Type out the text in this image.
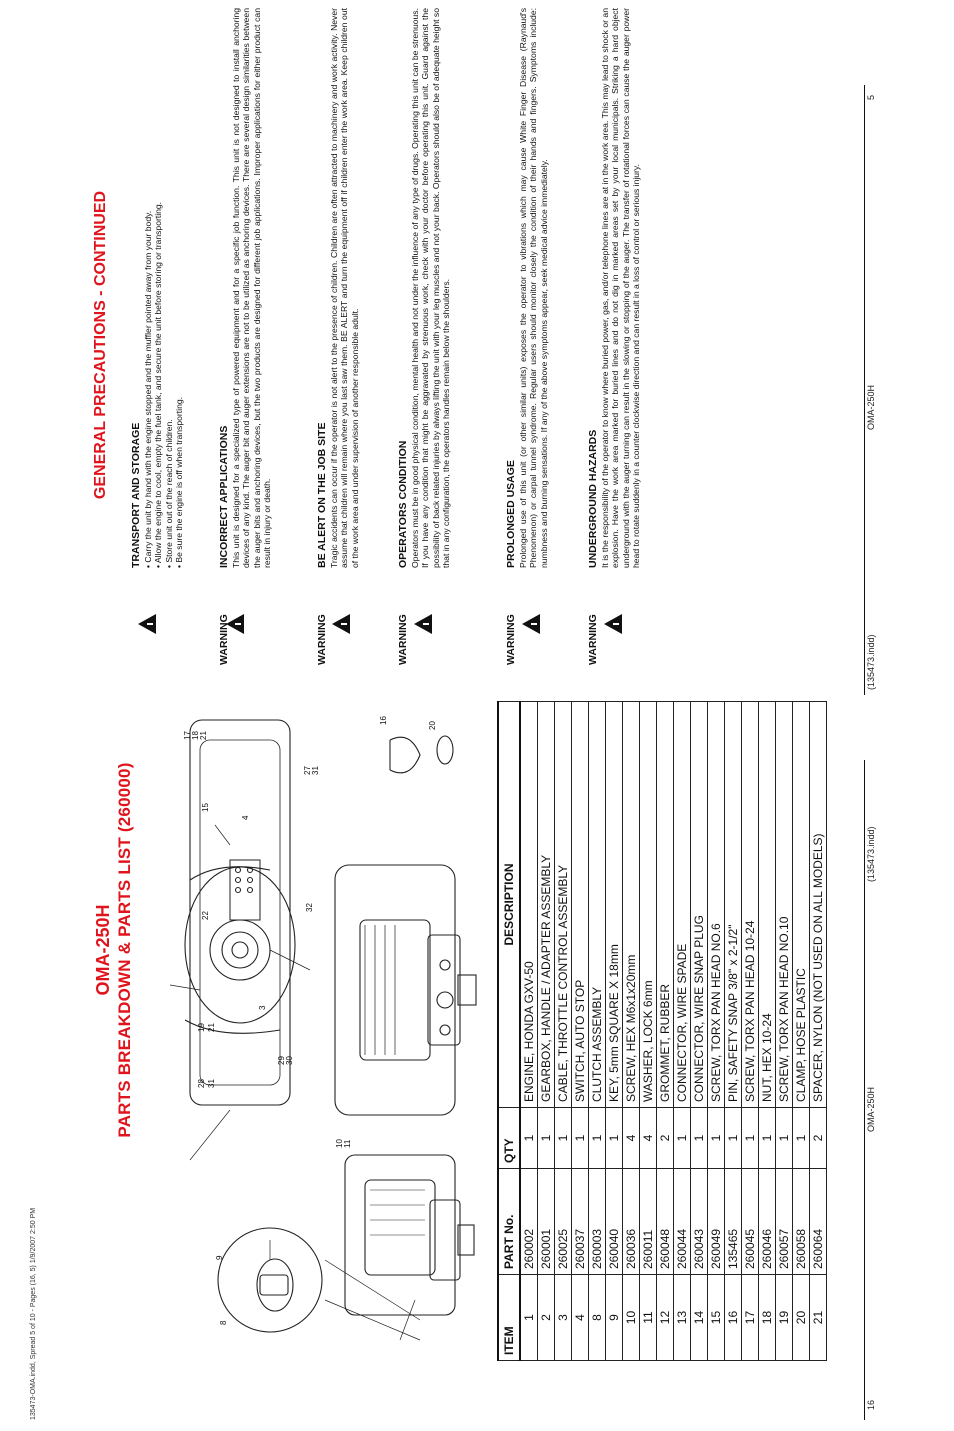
135473-OMA.indd, Spread 5 of 10 - Pages (16, 5) 1/9/2007 2:50 PM
OMA-250H PARTS BREAKDOWN & PARTS LIST (260000)	15
22
19 21
28 31
4
3
17 18 21
27 31
32
29 30
16
20
10 11
9
8
ITEM	PART No.	QTY	DESCRIPTION
1	260002	1	ENGINE, HONDA GXV-50
2	260001	1	GEARBOX, HANDLE / ADAPTER ASSEMBLY
3	260025	1	CABLE, THROTTLE CONTROL ASSEMBLY
4	260037	1	SWITCH, AUTO STOP
8	260003	1	CLUTCH ASSEMBLY
9	260040	1	KEY, 5mm SQUARE X 18mm
10	260036	4	SCREW, HEX M6x1x20mm
11	260011	4	WASHER, LOCK 6mm
12	260048	2	GROMMET, RUBBER
13	260044	1	CONNECTOR, WIRE SPADE
14	260043	1	CONNECTOR, WIRE SNAP PLUG
15	260049	1	SCREW, TORX PAN HEAD NO.6
16	135465	1	PIN, SAFETY SNAP 3/8" x 2-1/2"
17	260045	1	SCREW, TORX PAN HEAD 10-24
18	260046	1	NUT, HEX 10-24
19	260057	1	SCREW, TORX PAN HEAD NO.10
20	260058	1	CLAMP, HOSE PLASTIC
21	260064	2	SPACER, NYLON (NOT USED ON ALL MODELS)
16
OMA-250H
(135473.indd)
GENERAL PRECAUTIONS - CONTINUED
WARNING	WARNING	WARNING	WARNING	WARNING
TRANSPORT AND STORAGE • Carry the unit by hand with the engine stopped and the muffler pointed away from your body. • Allow the engine to cool, empty the fuel tank, and secure the unit before storing or transporting. • Store unit out of the reach of children. • Be sure the engine is off when transporting.	INCORRECT APPLICATIONS This unit is designed for a specialized type of powered equipment and for a specific job function. This unit is not designed to install anchoring devices of any kind. The auger bit and auger extensions are not to be utilized as anchoring devices. There are several design similarities between the auger bits and anchoring devices, but the two products are designed for different job applications. Improper applications for either product can result in injury or death.	BE ALERT ON THE JOB SITE Tragic accidents can occur if the operator is not alert to the presence of children. Children are often attracted to machinery and work activity. Never assume that children will remain where you last saw them. BE ALERT and turn the equipment off if children enter the work area. Keep children out of the work area and under supervision of another responsible adult.	OPERATORS CONDITION Operators must be in good physical condition, mental health and not under the influence of any type of drugs. Operating this unit can be strenuous. If you have any condition that might be aggravated by strenuous work, check with your doctor before operating this unit. Guard against the possibility of back related injuries by always lifting the unit with your leg muscles and not your back. Operators should also be of adequate height so that in any configuration, the operators handles remain below the shoulders.	PROLONGED USAGE Prolonged use of this unit (or other similar units) exposes the operator to vibrations which may cause White Finger Disease (Raynaud's Phenomenon) or carpal tunnel syndrome. Regular users should monitor closely the condition of their hands and fingers. Symptoms include: numbness and burning sensations. If any of the above symptoms appear, seek medical advice immediately.	UNDERGROUND HAZARDS It is the responsibility of the operator to know where buried power, gas, and/or telephone lines are at in the work area. This may lead to shock or an explosion. Have the work area marked for buried lines and do not dig in marked areas set by your local municipals. Striking a hard object underground with the auger turning can result in the slowing or stopping of the auger. The transfer of rotational forces can cause the auger power head to rotate suddenly in a counter clockwise direction and can result in a loss of control or serious injury.

(135473.indd)
OMA-250H
5
